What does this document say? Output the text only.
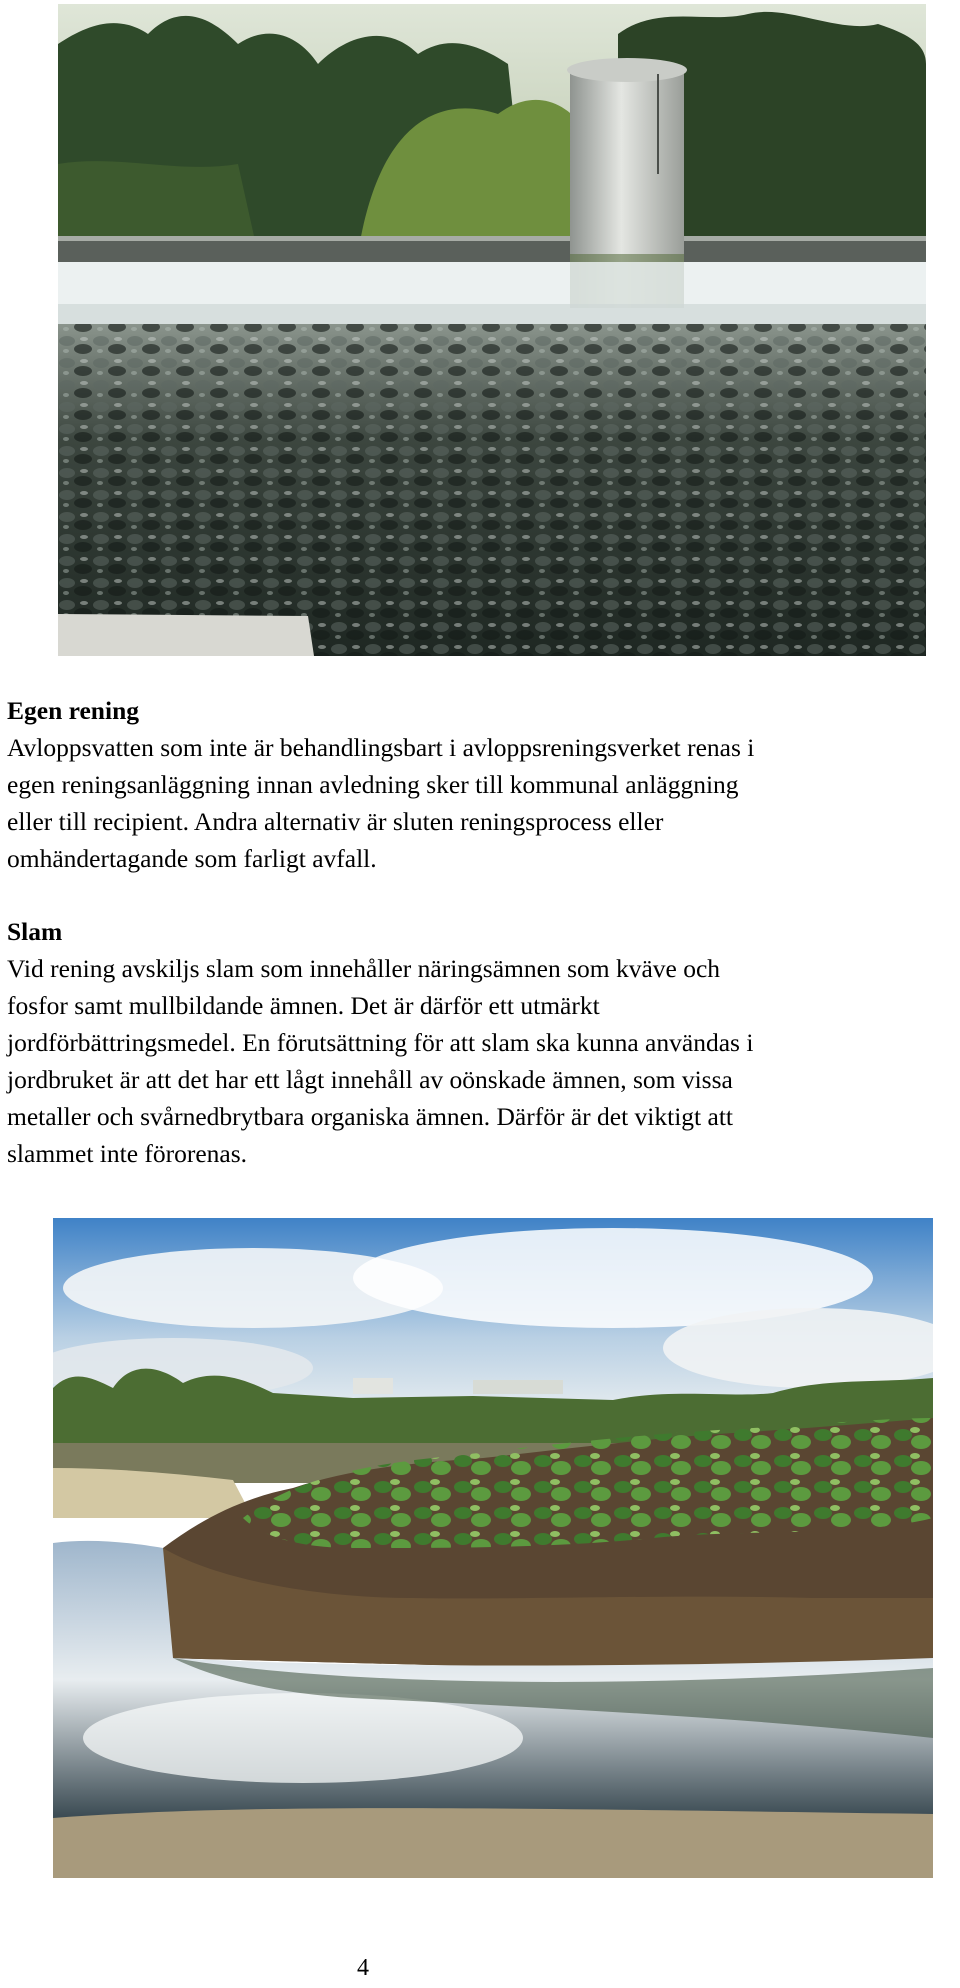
Egen rening
Avloppsvatten som inte är behandlingsbart i avloppsreningsverket renas i
egen reningsanläggning innan avledning sker till kommunal anläggning
eller till recipient. Andra alternativ är sluten reningsprocess eller
omhändertagande som farligt avfall.
Slam
Vid rening avskiljs slam som innehåller näringsämnen som kväve och
fosfor samt mullbildande ämnen. Det är därför ett utmärkt
jordförbättringsmedel. En förutsättning för att slam ska kunna användas i
jordbruket är att det har ett lågt innehåll av oönskade ämnen, som vissa
metaller och svårnedbrytbara organiska ämnen. Därför är det viktigt att
slammet inte förorenas.
4
